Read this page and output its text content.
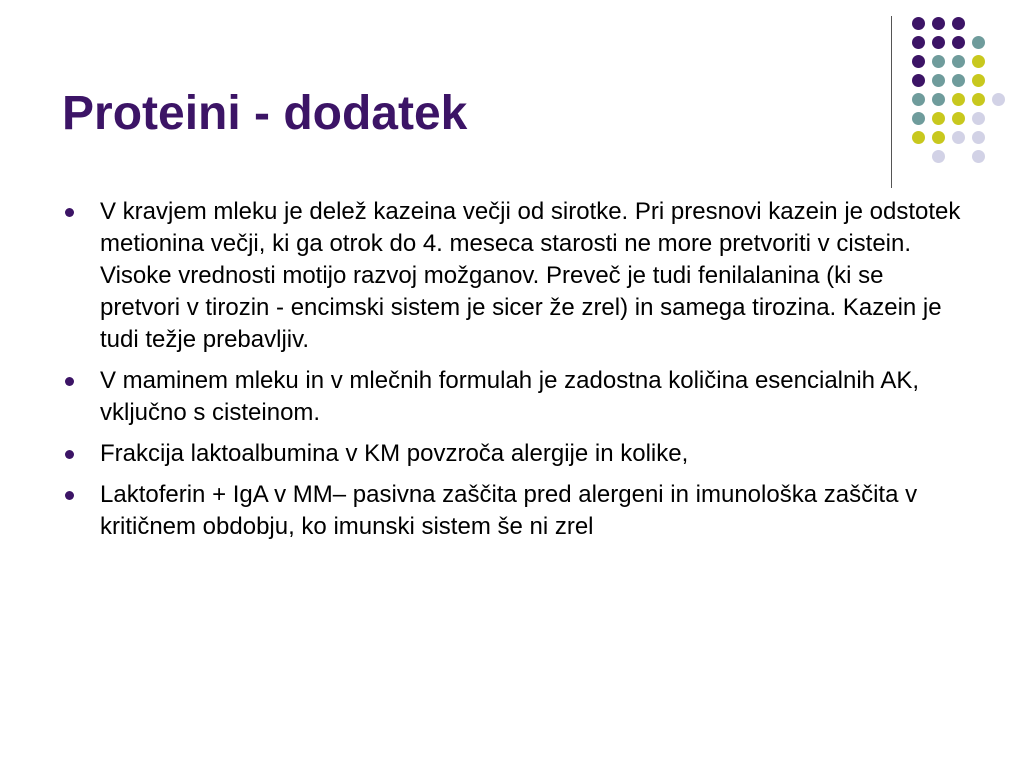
Proteini - dodatek
V kravjem mleku je delež kazeina večji od sirotke. Pri presnovi kazein je odstotek metionina večji, ki ga otrok do 4. meseca starosti ne more pretvoriti v cistein. Visoke vrednosti motijo razvoj možganov. Preveč je tudi fenilalanina (ki se pretvori v tirozin - encimski sistem je sicer že zrel) in samega tirozina. Kazein je tudi težje prebavljiv.
V maminem mleku in v mlečnih formulah je zadostna količina esencialnih AK, vključno s cisteinom.
Frakcija laktoalbumina v KM povzroča alergije in kolike,
Laktoferin + IgA v MM– pasivna zaščita pred alergeni in imunološka zaščita v kritičnem obdobju, ko imunski sistem še ni zrel
